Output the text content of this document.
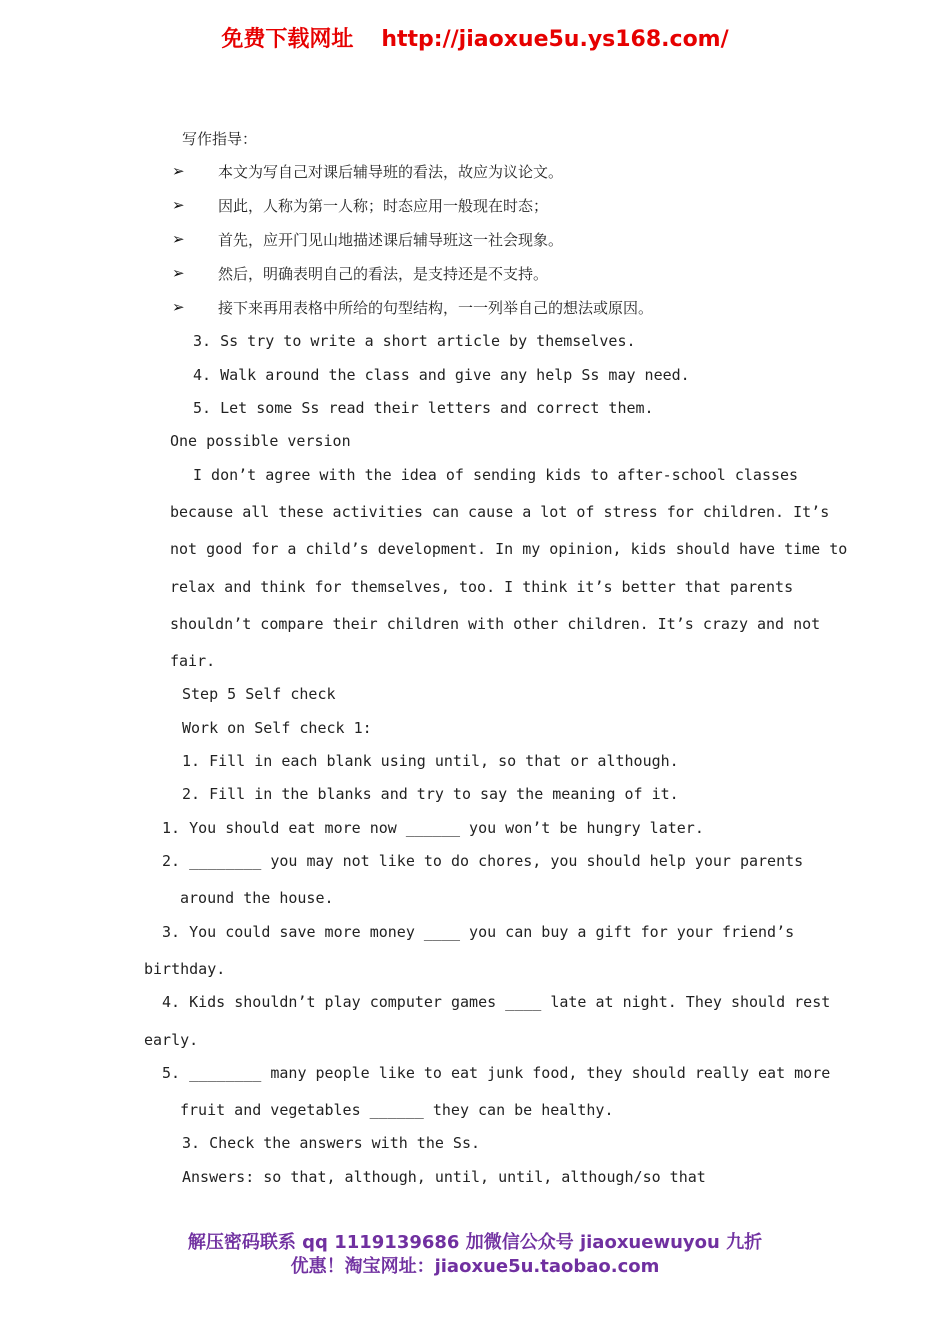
免费下载网址 http://jiaoxue5u.ys168.com/
写作指导：
➢ 本文为写自己对课后辅导班的看法，故应为议论文。
➢ 因此，人称为第一人称；时态应用一般现在时态；
➢ 首先，应开门见山地描述课后辅导班这一社会现象。
➢ 然后，明确表明自己的看法，是支持还是不支持。
➢ 接下来再用表格中所给的句型结构，一一列举自己的想法或原因。
3. Ss try to write a short article by themselves.
4. Walk around the class and give any help Ss may need.
5. Let some Ss read their letters and correct them.
One possible version
I don’t agree with the idea of sending kids to after-school classes
because all these activities can cause a lot of stress for children. It’s
not good for a child’s development. In my opinion, kids should have time to
relax and think for themselves, too. I think it’s better that parents
shouldn’t compare their children with other children. It’s crazy and not
fair.
Step 5 Self check
Work on Self check 1:
1. Fill in each blank using until, so that or although.
2. Fill in the blanks and try to say the meaning of it.
1. You should eat more now ______ you won’t be hungry later.
2. ________ you may not like to do chores, you should help your parents
around the house.
3. You could save more money ____ you can buy a gift for your friend’s
birthday.
4. Kids shouldn’t play computer games ____ late at night. They should rest
early.
5. ________ many people like to eat junk food, they should really eat more
fruit and vegetables ______ they can be healthy.
3. Check the answers with the Ss.
Answers: so that, although, until, until, although/so that
解压密码联系 qq 1119139686 加微信公众号 jiaoxuewuyou 九折
优惠！淘宝网址：jiaoxue5u.taobao.com
